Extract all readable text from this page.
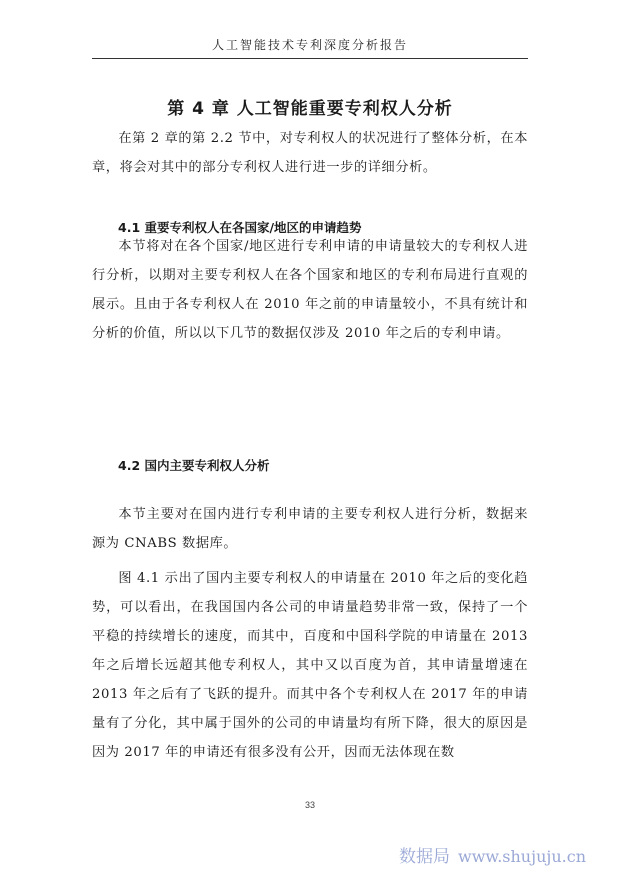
人工智能技术专利深度分析报告
第 4 章 人工智能重要专利权人分析

在第 2 章的第 2.2 节中，对专利权人的状况进行了整体分析，在本章，将会对其中的部分专利权人进行进一步的详细分析。

4.1 重要专利权人在各国家/地区的申请趋势

本节将对在各个国家/地区进行专利申请的申请量较大的专利权人进行分析，以期对主要专利权人在各个国家和地区的专利布局进行直观的展示。且由于各专利权人在 2010 年之前的申请量较小，不具有统计和分析的价值，所以以下几节的数据仅涉及 2010 年之后的专利申请。

4.2 国内主要专利权人分析

本节主要对在国内进行专利申请的主要专利权人进行分析，数据来源为 CNABS 数据库。

图 4.1 示出了国内主要专利权人的申请量在 2010 年之后的变化趋势，可以看出，在我国国内各公司的申请量趋势非常一致，保持了一个平稳的持续增长的速度，而其中，百度和中国科学院的申请量在 2013 年之后增长远超其他专利权人，其中又以百度为首，其申请量增速在 2013 年之后有了飞跃的提升。而其中各个专利权人在 2017 年的申请量有了分化，其中属于国外的公司的申请量均有所下降，很大的原因是因为 2017 年的申请还有很多没有公开，因而无法体现在数

33
数据局 www.shujuju.cn
